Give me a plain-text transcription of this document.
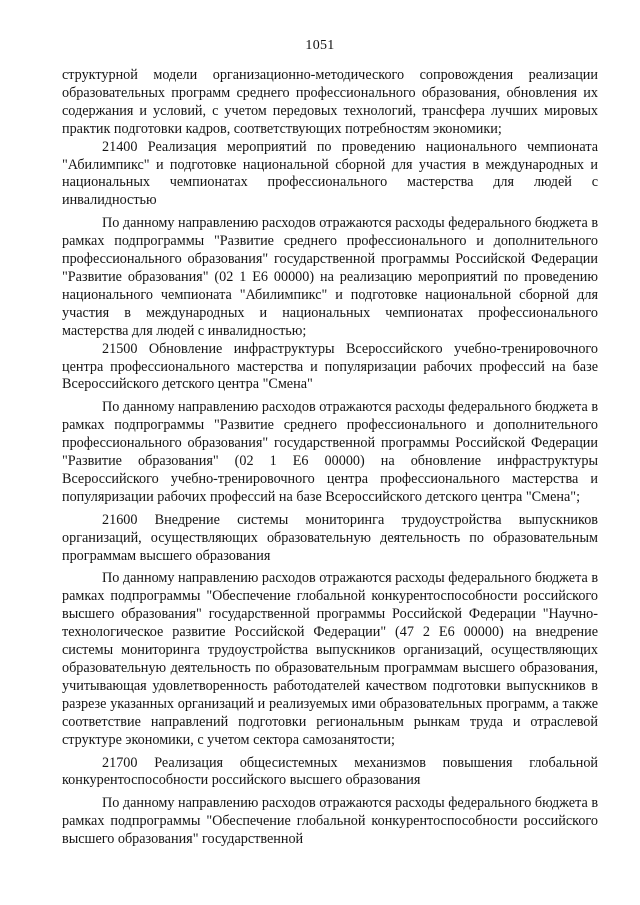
1051

структурной модели организационно-методического сопровождения реализации образовательных программ среднего профессионального образования, обновления их содержания и условий, с учетом передовых технологий, трансфера лучших мировых практик подготовки кадров, соответствующих потребностям экономики;

21400 Реализация мероприятий по проведению национального чемпионата "Абилимпикс" и подготовке национальной сборной для участия в международных и национальных чемпионатах профессионального мастерства для людей с инвалидностью

По данному направлению расходов отражаются расходы федерального бюджета в рамках подпрограммы "Развитие среднего профессионального и дополнительного профессионального образования" государственной программы Российской Федерации "Развитие образования" (02 1 Е6 00000) на реализацию мероприятий по проведению национального чемпионата "Абилимпикс" и подготовке национальной сборной для участия в международных и национальных чемпионатах профессионального мастерства для людей с инвалидностью;

21500 Обновление инфраструктуры Всероссийского учебно-тренировочного центра профессионального мастерства и популяризации рабочих профессий на базе Всероссийского детского центра "Смена"

По данному направлению расходов отражаются расходы федерального бюджета в рамках подпрограммы "Развитие среднего профессионального и дополнительного профессионального образования" государственной программы Российской Федерации "Развитие образования" (02 1 Е6 00000) на обновление инфраструктуры Всероссийского учебно-тренировочного центра профессионального мастерства и популяризации рабочих профессий на базе Всероссийского детского центра "Смена";

21600 Внедрение системы мониторинга трудоустройства выпускников организаций, осуществляющих образовательную деятельность по образовательным программам высшего образования

По данному направлению расходов отражаются расходы федерального бюджета в рамках подпрограммы "Обеспечение глобальной конкурентоспособности российского высшего образования" государственной программы Российской Федерации "Научно-технологическое развитие Российской Федерации" (47 2 Е6 00000) на внедрение системы мониторинга трудоустройства выпускников организаций, осуществляющих образовательную деятельность по образовательным программам высшего образования, учитывающая удовлетворенность работодателей качеством подготовки выпускников в разрезе указанных организаций и реализуемых ими образовательных программ, а также соответствие направлений подготовки региональным рынкам труда и отраслевой структуре экономики, с учетом сектора самозанятости;

21700 Реализация общесистемных механизмов повышения глобальной конкурентоспособности российского высшего образования

По данному направлению расходов отражаются расходы федерального бюджета в рамках подпрограммы "Обеспечение глобальной конкурентоспособности российского высшего образования" государственной
